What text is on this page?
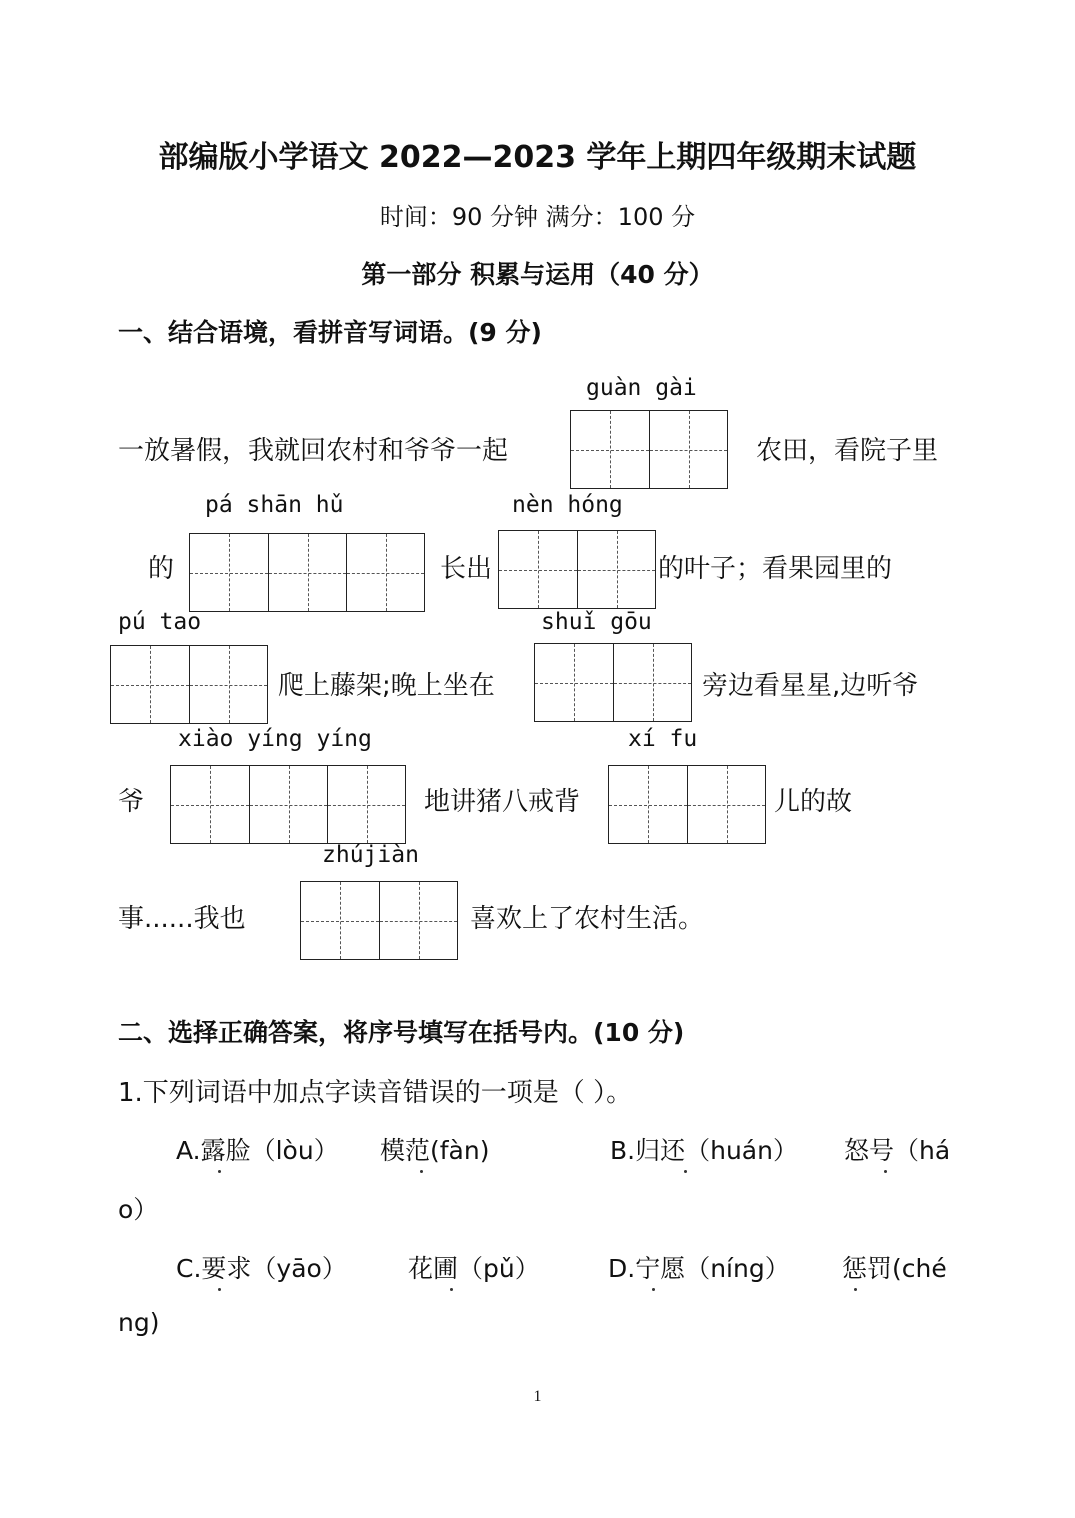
部编版小学语文 2022—2023 学年上期四年级期末试题
时间：90 分钟 满分：100 分
第一部分 积累与运用（40 分）
一、结合语境，看拼音写词语。(9 分)
guàn gài
一放暑假，我就回农村和爷爷一起	农田，看院子里
pá shān hǔ	nèn hóng
的	长出	的叶子；看果园里的
pú tao	shuǐ gōu
爬上藤架;晚上坐在	旁边看星星,边听爷
xiào yíng yíng	xí fu
爷	地讲猪八戒背	儿的故
zhújiàn
事......我也	喜欢上了农村生活。
二、选择正确答案，将序号填写在括号内。(10 分)
1.下列词语中加点字读音错误的一项是（ ）。
A.露脸（lòu） 模范(fàn)	B.归还（huán） 怒号（há
o）
C.要求（yāo） 花圃（pǔ）	D.宁愿（níng） 惩罚(ché
ng)
1
